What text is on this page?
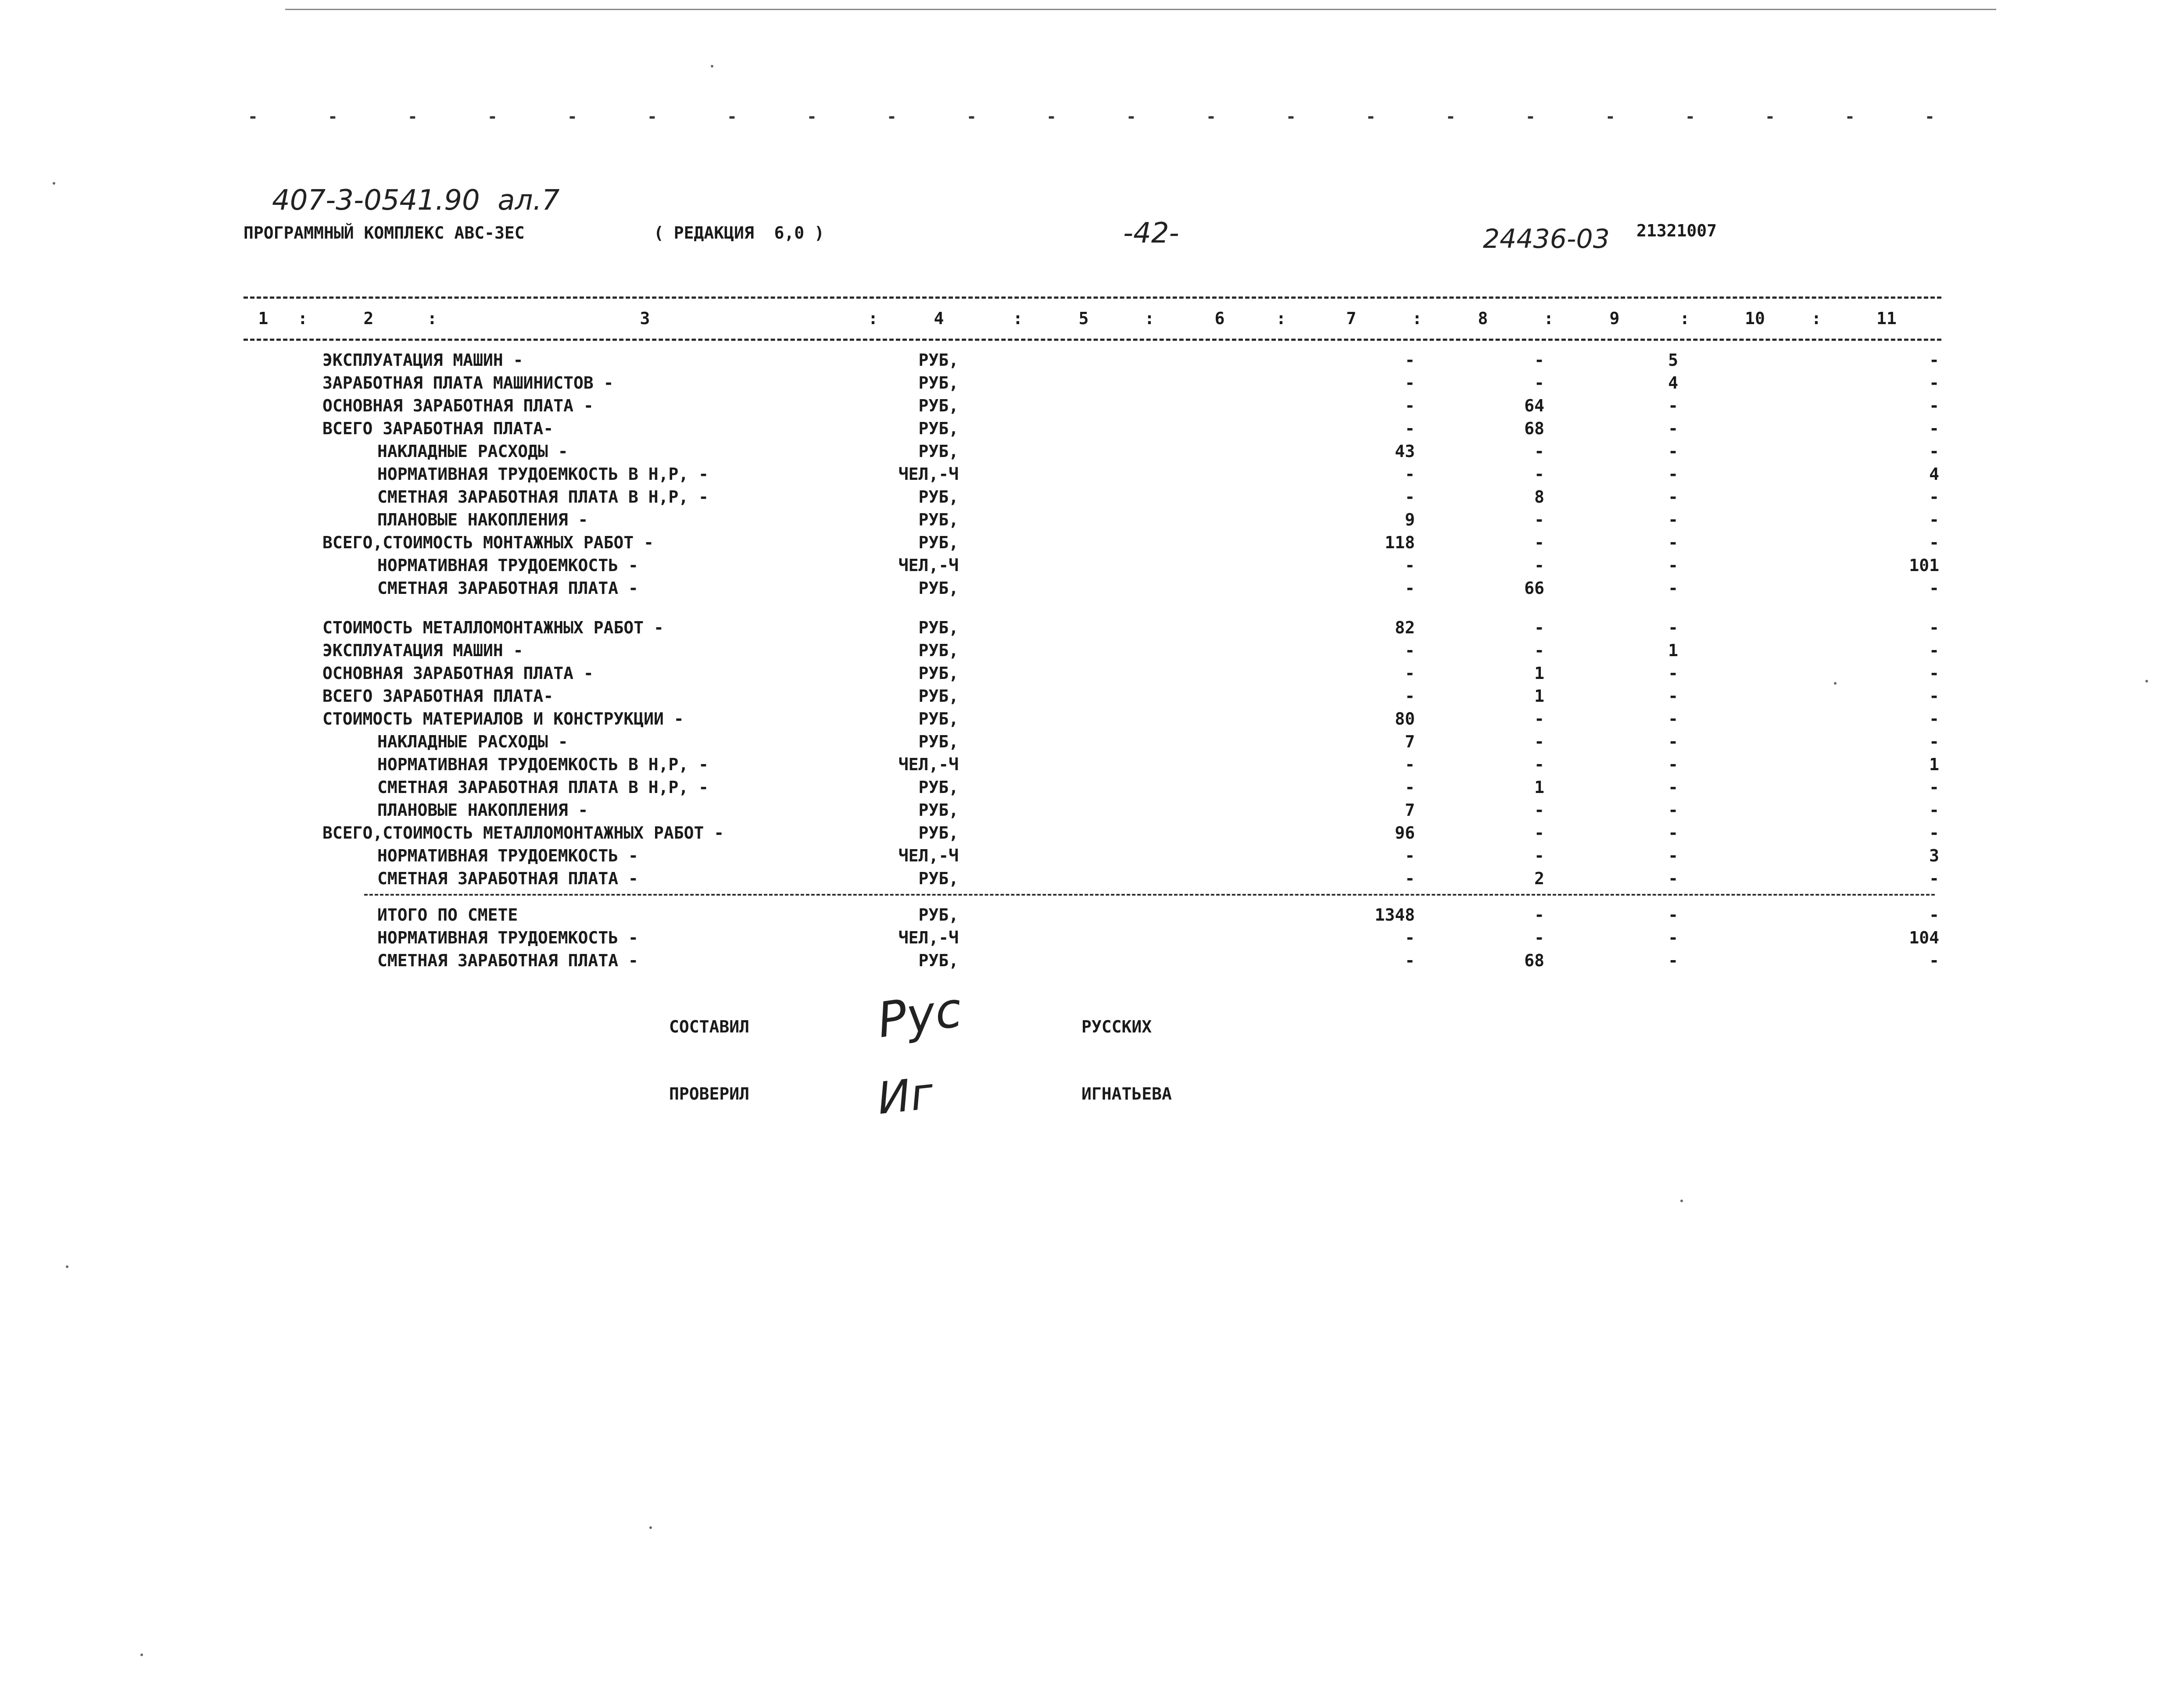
-	-	-	-	-	-	-	-	-	-	-	-	-	-	-	-	-	-	-	-	-	-
407-3-0541.90  ал.7
ПРОГРАММНЫЙ КОМПЛЕКС АВС-3ЕС	( РЕДАКЦИЯ  6,0 )	-42-	24436-03 21321007
1	2	3	4	5	6	7	8	9	10	11
:	:	:	:	:	:	:	:	:	:
ЭКСПЛУАТАЦИЯ МАШИН -	РУБ,	-	-	5	-
ЗАРАБОТНАЯ ПЛАТА МАШИНИСТОВ -	РУБ,	-	-	4	-
ОСНОВНАЯ ЗАРАБОТНАЯ ПЛАТА -	РУБ,	-	64	-	-
ВСЕГО ЗАРАБОТНАЯ ПЛАТА-	РУБ,	-	68	-	-
НАКЛАДНЫЕ РАСХОДЫ -	РУБ,	43	-	-	-
НОРМАТИВНАЯ ТРУДОЕМКОСТЬ В Н,Р, -	ЧЕЛ,-Ч	-	-	-	4
СМЕТНАЯ ЗАРАБОТНАЯ ПЛАТА В Н,Р, -	РУБ,	-	8	-	-
ПЛАНОВЫЕ НАКОПЛЕНИЯ -	РУБ,	9	-	-	-
ВСЕГО,СТОИМОСТЬ МОНТАЖНЫХ РАБОТ -	РУБ,	118	-	-	-
НОРМАТИВНАЯ ТРУДОЕМКОСТЬ -	ЧЕЛ,-Ч	-	-	-	101
СМЕТНАЯ ЗАРАБОТНАЯ ПЛАТА -	РУБ,	-	66	-	-
СТОИМОСТЬ МЕТАЛЛОМОНТАЖНЫХ РАБОТ -	РУБ,	82	-	-	-
ЭКСПЛУАТАЦИЯ МАШИН -	РУБ,	-	-	1	-
ОСНОВНАЯ ЗАРАБОТНАЯ ПЛАТА -	РУБ,	-	1	-	-
ВСЕГО ЗАРАБОТНАЯ ПЛАТА-	РУБ,	-	1	-	-
СТОИМОСТЬ МАТЕРИАЛОВ И КОНСТРУКЦИИ -	РУБ,	80	-	-	-
НАКЛАДНЫЕ РАСХОДЫ -	РУБ,	7	-	-	-
НОРМАТИВНАЯ ТРУДОЕМКОСТЬ В Н,Р, -	ЧЕЛ,-Ч	-	-	-	1
СМЕТНАЯ ЗАРАБОТНАЯ ПЛАТА В Н,Р, -	РУБ,	-	1	-	-
ПЛАНОВЫЕ НАКОПЛЕНИЯ -	РУБ,	7	-	-	-
ВСЕГО,СТОИМОСТЬ МЕТАЛЛОМОНТАЖНЫХ РАБОТ -	РУБ,	96	-	-	-
НОРМАТИВНАЯ ТРУДОЕМКОСТЬ -	ЧЕЛ,-Ч	-	-	-	3
СМЕТНАЯ ЗАРАБОТНАЯ ПЛАТА -	РУБ,	-	2	-	-
ИТОГО ПО СМЕТЕ	РУБ,	1348	-	-	-
НОРМАТИВНАЯ ТРУДОЕМКОСТЬ -	ЧЕЛ,-Ч	-	-	-	104
СМЕТНАЯ ЗАРАБОТНАЯ ПЛАТА -	РУБ,	-	68	-	-
СОСТАВИЛ	Рус	РУССКИХ
ПРОВЕРИЛ	Иг	ИГНАТЬЕВА
